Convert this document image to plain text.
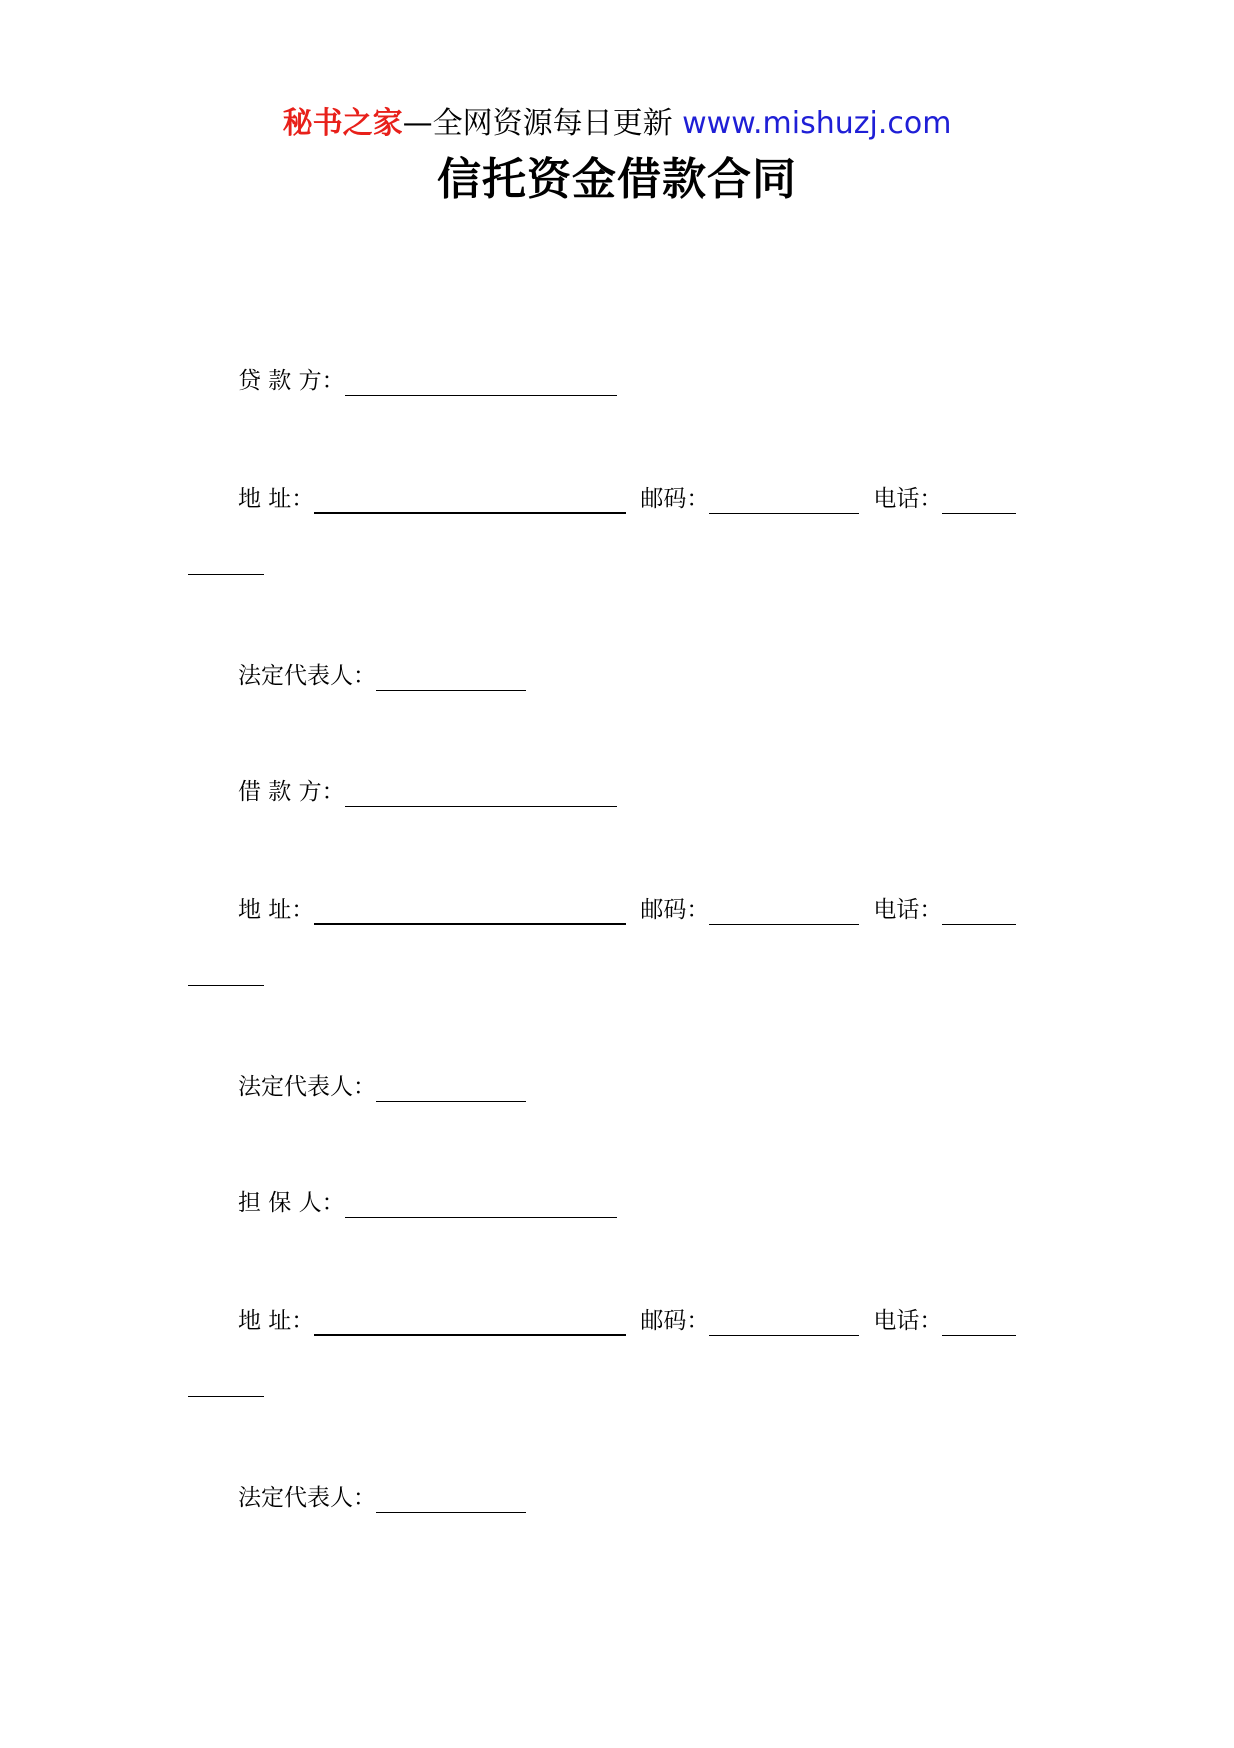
秘书之家—全网资源每日更新 www.mishuzj.com
信托资金借款合同
贷 款 方：
地 址：	邮码：	电话：
法定代表人：
借 款 方：
地 址：	邮码：	电话：
法定代表人：
担 保 人：
地 址：	邮码：	电话：
法定代表人：
